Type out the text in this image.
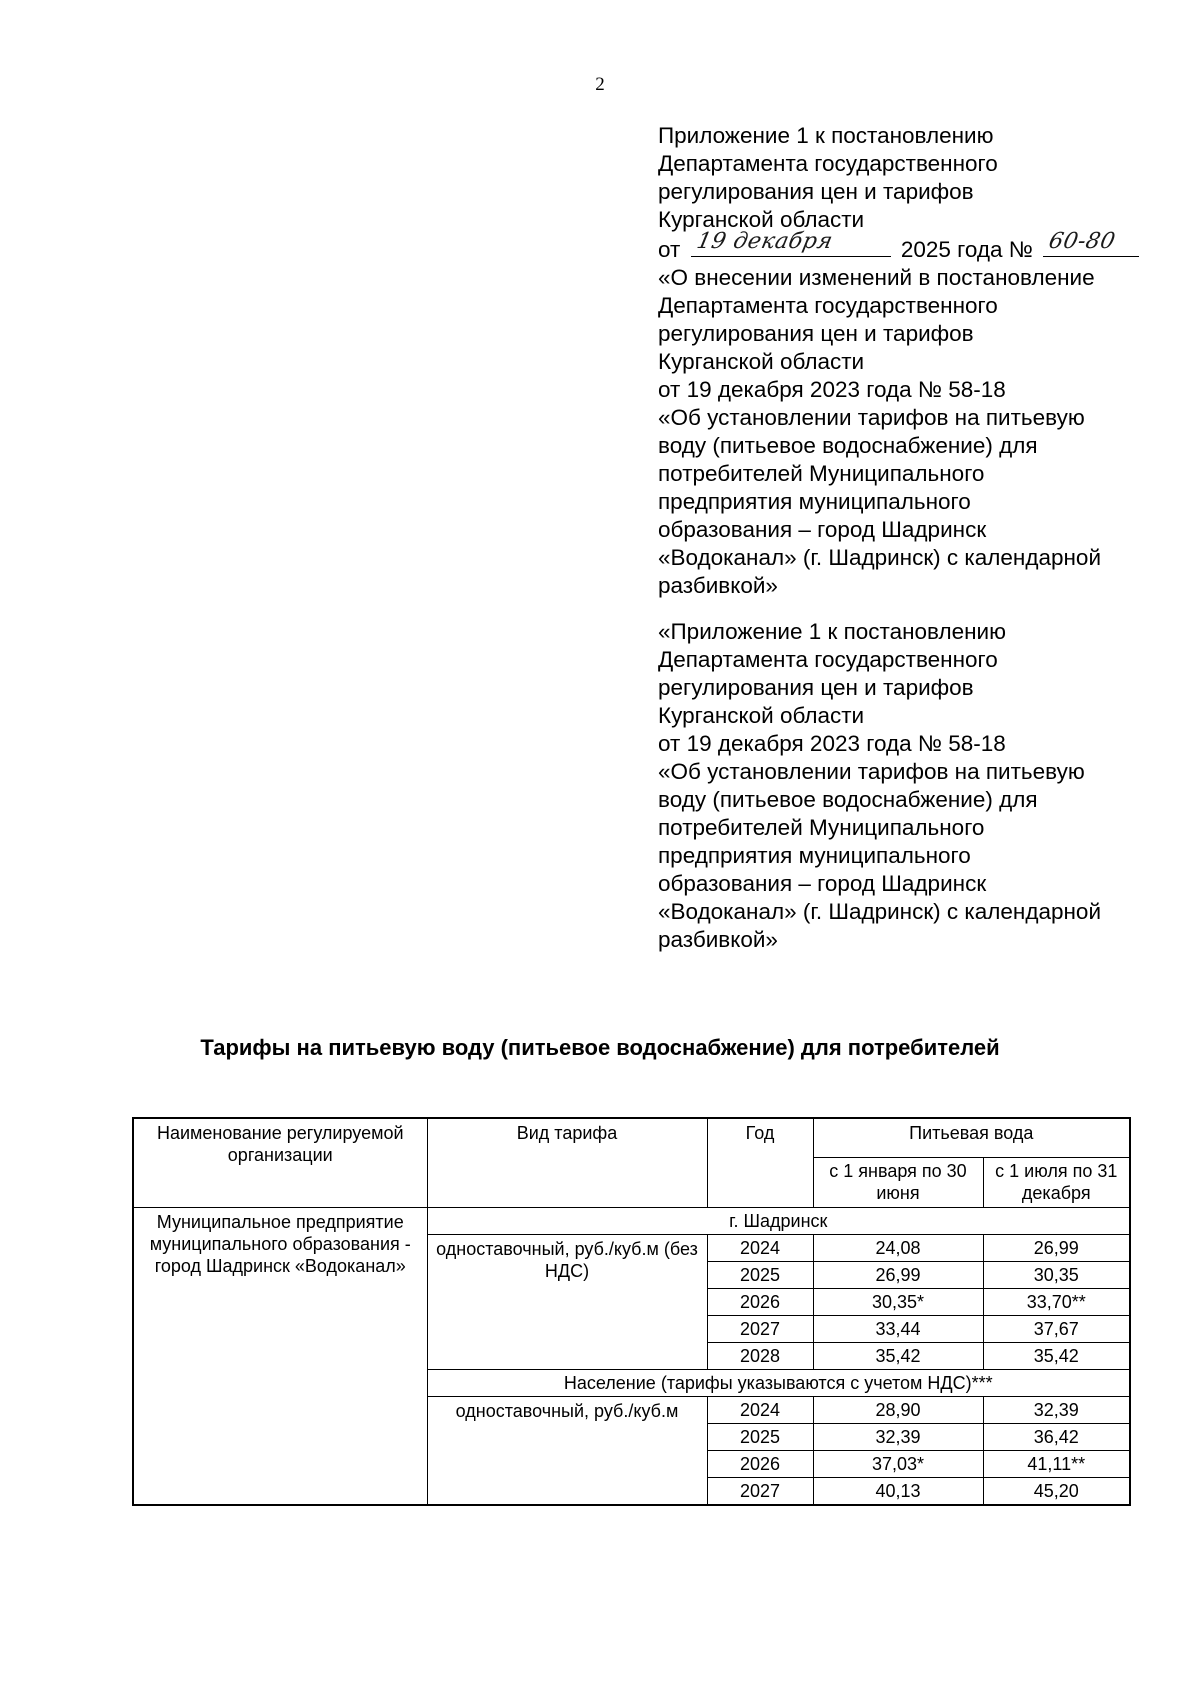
2
Приложение 1 к постановлению
Департамента государственного
регулирования цен и тарифов
Курганской области
от 19 декабря	2025 года № 60-80
«О внесении изменений в постановление
Департамента государственного
регулирования цен и тарифов
Курганской области
от 19 декабря 2023 года № 58-18
«Об установлении тарифов на питьевую
воду (питьевое водоснабжение) для
потребителей Муниципального
предприятия муниципального
образования – город Шадринск
«Водоканал» (г. Шадринск) с календарной
разбивкой»
«Приложение 1 к постановлению
Департамента государственного
регулирования цен и тарифов
Курганской области
от 19 декабря 2023 года № 58-18
«Об установлении тарифов на питьевую
воду (питьевое водоснабжение) для
потребителей Муниципального
предприятия муниципального
образования – город Шадринск
«Водоканал» (г. Шадринск) с календарной
разбивкой»
Тарифы на питьевую воду (питьевое водоснабжение) для потребителей
Наименование регулируемой организации	Вид тарифа	Год	Питьевая вода	
			с 1 января по 30 июня	с 1 июля по 31 декабря
Муниципальное предприятие муниципального образования - город Шадринск «Водоканал»	г. Шадринск			
	одноставочный, руб./куб.м (без НДС)	2024	24,08	26,99
		2025	26,99	30,35
		2026	30,35*	33,70**
		2027	33,44	37,67
		2028	35,42	35,42
	Население (тарифы указываются с учетом НДС)***			
	одноставочный, руб./куб.м	2024	28,90	32,39
		2025	32,39	36,42
		2026	37,03*	41,11**
		2027	40,13	45,20
